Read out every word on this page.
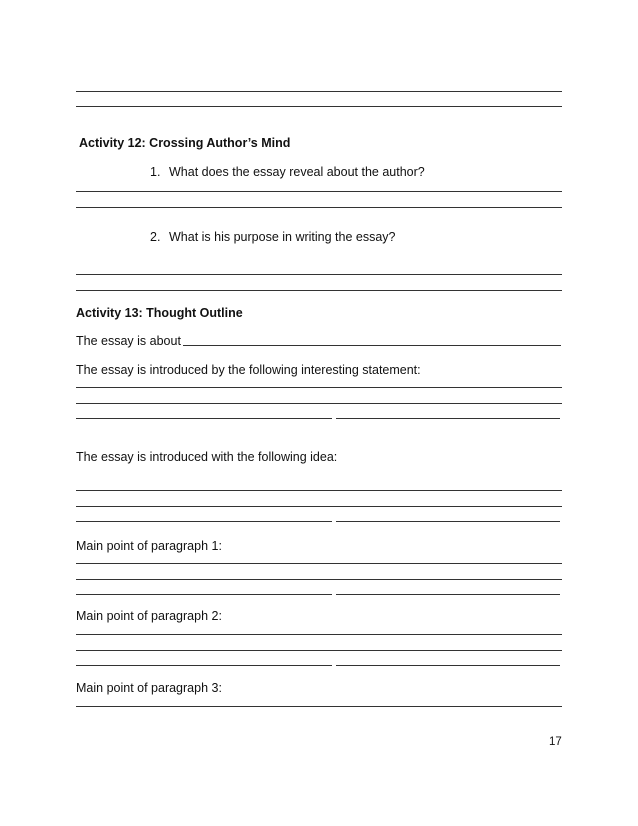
Activity 12: Crossing Author’s Mind
1. What does the essay reveal about the author?
2. What is his purpose in writing the essay?
Activity 13: Thought Outline
The essay is about
The essay is introduced by the following interesting statement:
The essay is introduced with the following idea:
Main point of paragraph 1:
Main point of paragraph 2:
Main point of paragraph 3:
17
